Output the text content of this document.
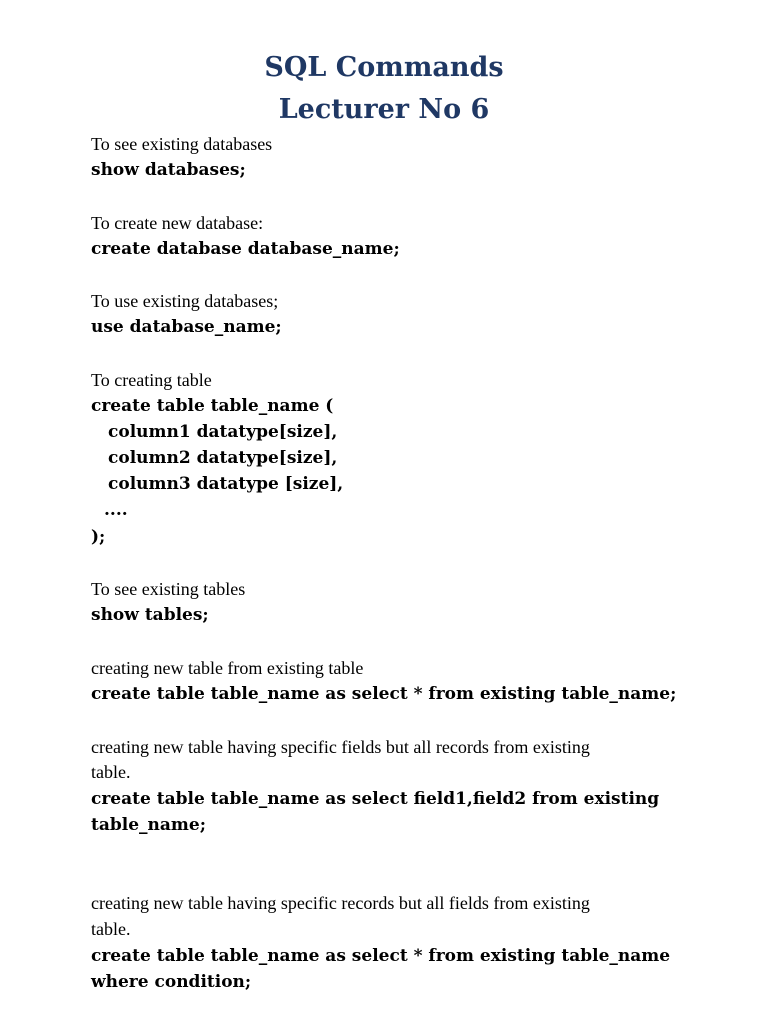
SQL Commands
Lecturer No 6
To see existing databases
show databases;
To create new database:
create database database_name;
To use existing databases;
use database_name;
To creating table
create table table_name (
column1 datatype[size],
column2 datatype[size],
column3 datatype [size],
....
);
To see existing tables
show tables;
creating new table from existing table
create table table_name as select * from existing table_name;
creating new table having specific fields but all records from existing
table.
create table table_name as select field1,field2 from existing
table_name;
creating new table having specific records but all fields from existing
table.
create table table_name as select * from existing table_name
where condition;
